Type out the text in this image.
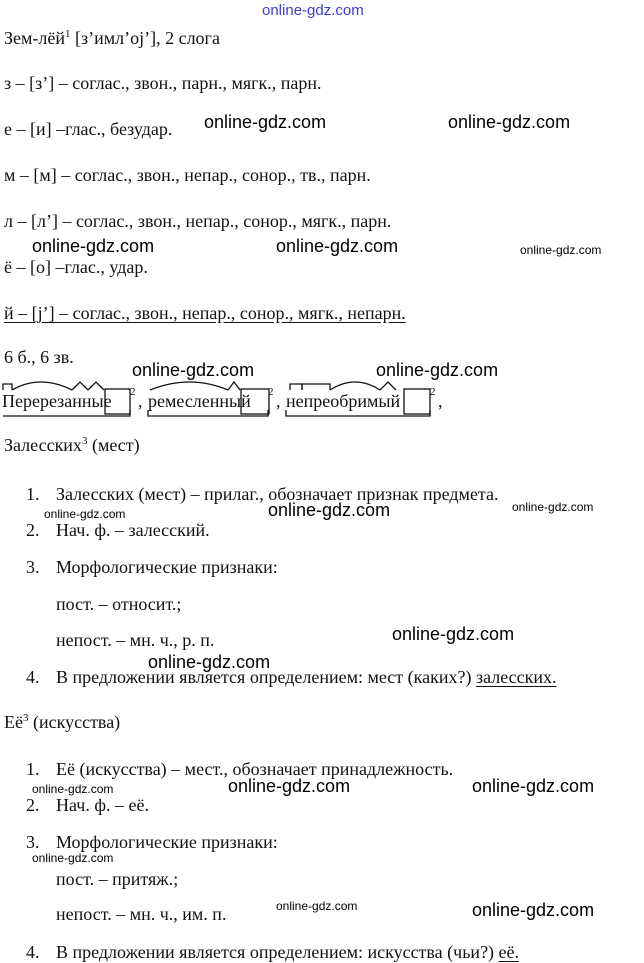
online-gdz.com
Зем-лёй$^1$ [з’имл’oj’], 2 слога
з – [з’] – соглас., звон., парн., мягк., парн.
е – [и] –глас., безудар.
м – [м] – соглас., звон., непар., сонор., тв., парн.
л – [л’] – соглас., звон., непар., сонор., мягк., парн.
ё – [о] –глас., удар.
й – [j’] – соглас., звон., непар., сонор., мягк., непарн.
6 б., 6 зв.
Перерезанные 2 , ремесленный 2 , непреобримый	2 ,
Залесских$^3$ (мест)
1. Залесских (мест) – прилаг., обозначает признак предмета.
2. Нач. ф. – залесский.
3. Морфологические признаки:
пост. – относит.;
непост. – мн. ч., р. п.
4. В предложении является определением: мест (каких?) залесских.
$Её^3$ (искусства)
1. Её (искусства) – мест., обозначает принадлежность.
2. Нач. ф. – её.
3. Морфологические признаки:
пост. – притяж.;
непост. – мн. ч., им. п.
4. В предложении является определением: искусства (чьи?) её.
online-gdz.com	online-gdz.com
online-gdz.com	online-gdz.com	online-gdz.com
online-gdz.com	online-gdz.com
online-gdz.com	online-gdz.com	online-gdz.com
online-gdz.com
online-gdz.com
online-gdz.com	online-gdz.com	online-gdz.com
online-gdz.com
online-gdz.com	online-gdz.com
